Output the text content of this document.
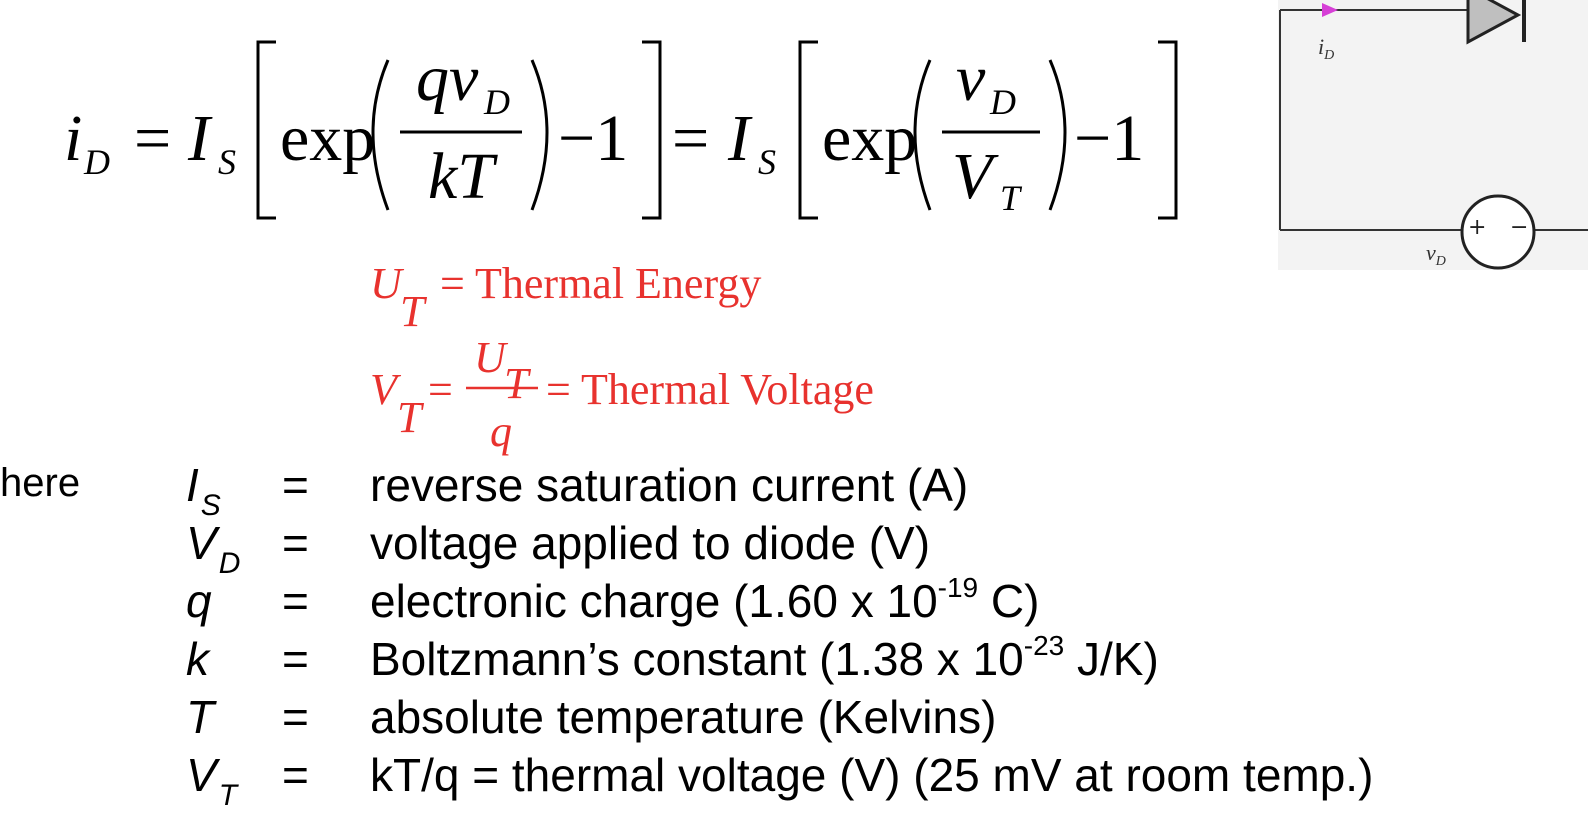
i D = I S exp
qv D
kT
−1 = I S exp
v D
V T
−1
U
T
= Thermal Energy
V
T
=
U
T
q
= Thermal Voltage
$i_D$
$v_D$
+ −
here $I_S$ = reverse saturation current (A)
$V_D$ = voltage applied to diode (V)
q = electronic charge (1.60 x $10^{-19}$ C)
k = Boltzmann’s constant (1.38 x $10^{-23}$ J/K)
T = absolute temperature (Kelvins)
$V_T = kT/q$ = thermal voltage (V) (25 mV at room temp.)
